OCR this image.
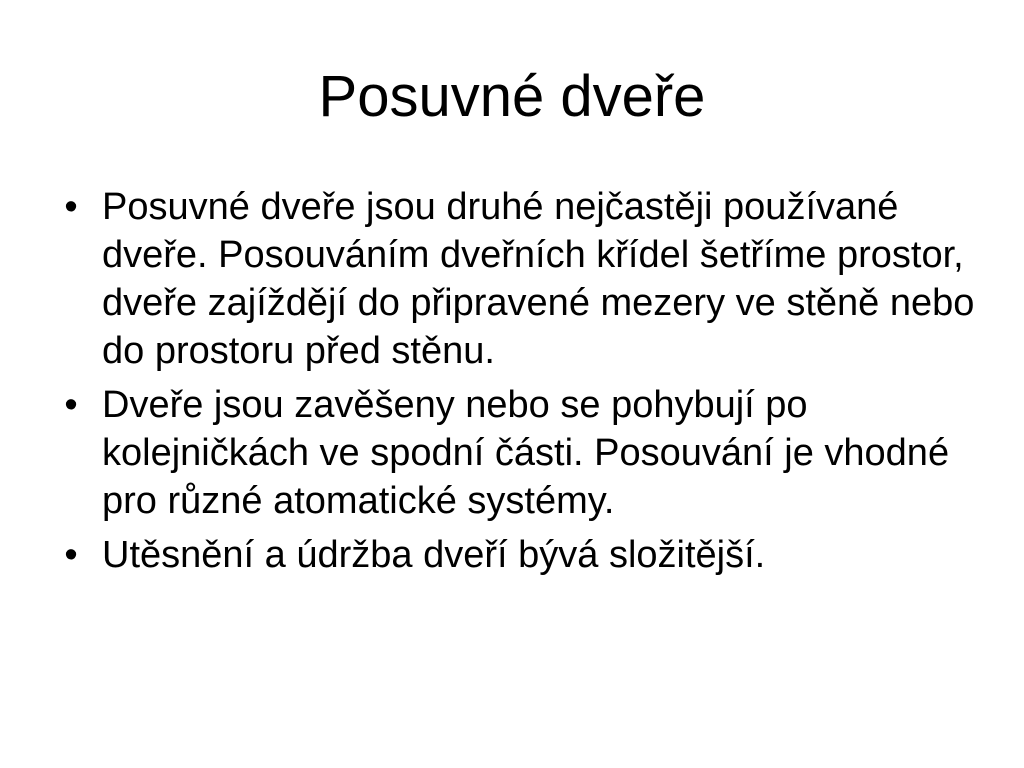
Posuvné dveře
• Posuvné dveře jsou druhé nejčastěji používané dveře. Posouváním dveřních křídel šetříme prostor, dveře zajíždějí do připravené mezery ve stěně nebo do prostoru před stěnu.
• Dveře jsou zavěšeny nebo se pohybují po kolejničkách ve spodní části. Posouvání je vhodné pro různé atomatické systémy.
• Utěsnění a údržba dveří bývá složitější.
